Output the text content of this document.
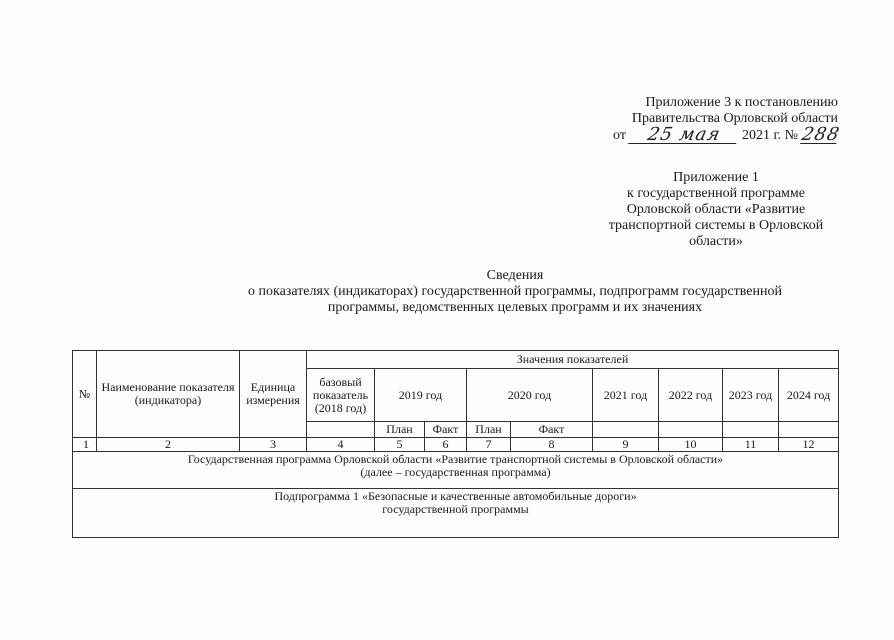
Приложение 3 к постановлению
Правительства Орловской области
от	25 мая	2021 г. № 288
Приложение 1
к государственной программе
Орловской области «Развитие
транспортной системы в Орловской
области»
Сведения
о показателях (индикаторах) государственной программы, подпрограмм государственной
программы, ведомственных целевых программ и их значениях
№	Наименование показателя (индикатора)	Единица измерения	Значения показателей								
			базовый показатель (2018 год)	2019 год		2020 год		2021 год	2022 год	2023 год	2024 год
				План	Факт	План	Факт				
1	2	3	4	5	6	7	8	9	10	11	12

Государственная программа Орловской области «Развитие транспортной системы в Орловской области»
(далее – государственная программа)											

Подпрограмма 1 «Безопасные и качественные автомобильные дороги»
государственной программы											
